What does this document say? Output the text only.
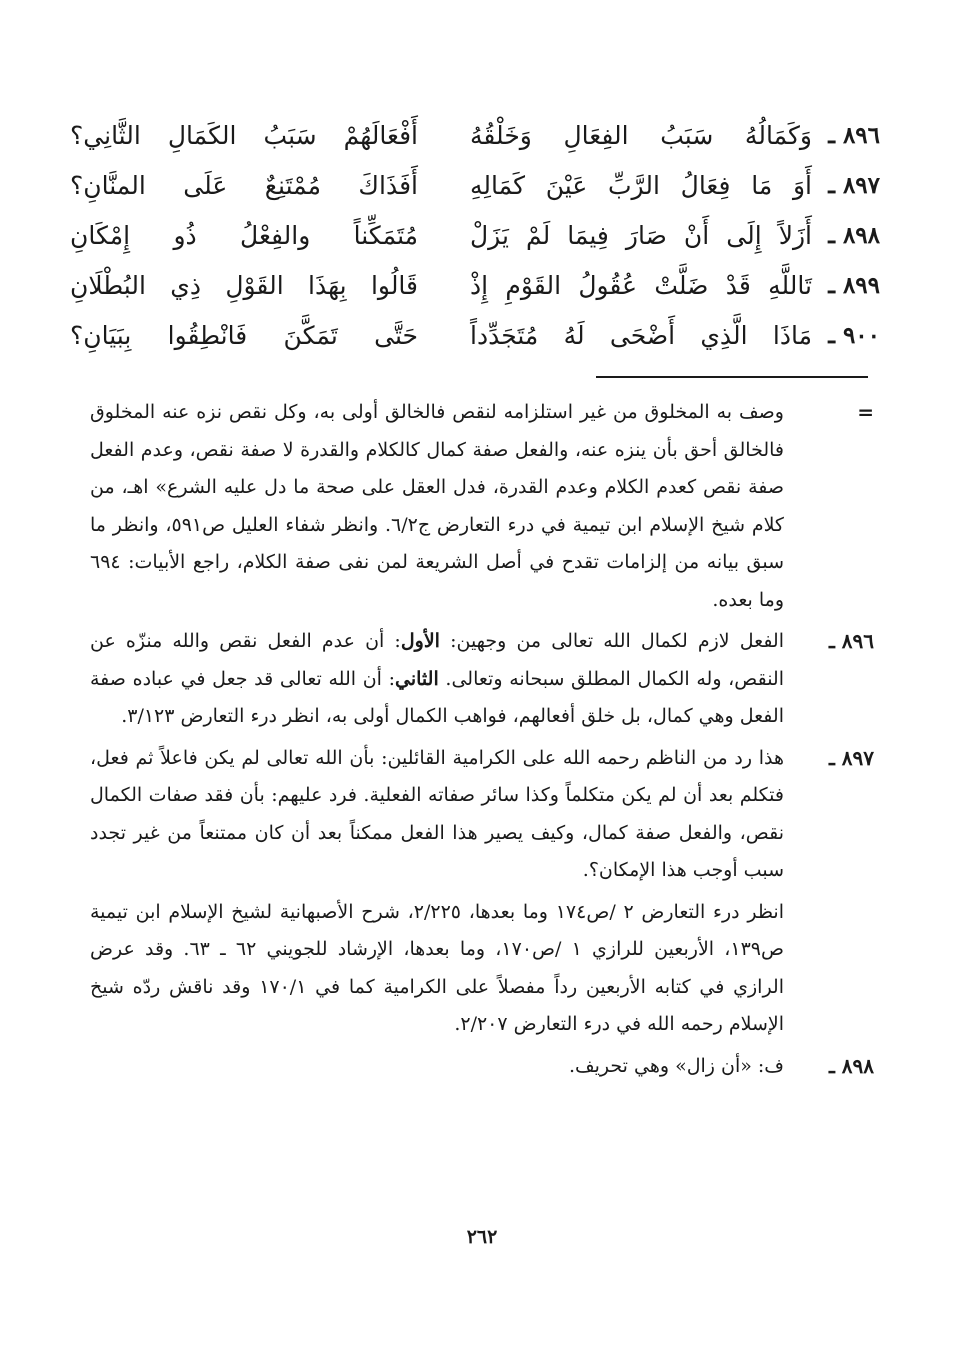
٨٩٦ ـ
وَكَمَالُهُ سَبَبُ الفِعَالِ وَخَلْقُهُ
أَفْعَالَهُمْ سَبَبُ الكَمَالِ الثَّانِي؟
٨٩٧ ـ
أَوَ مَا فِعَالُ الرَّبِّ عَيْنَ كَمَالِهِ
أَفَذَاكَ مُمْتَنِعٌ عَلَى المنَّانِ؟
٨٩٨ ـ
أَزَلاً إِلَى أَنْ صَارَ فِيمَا لَمْ يَزَلْ
مُتَمَكِّناً والفِعْلُ ذُو إِمْكَانِ
٨٩٩ ـ
تَاللَّهِ قَدْ ضَلَّتْ عُقُولُ القَوْمِ إِذْ
قَالُوا بِهَذَا القَوْلِ ذِي البُطْلَانِ
٩٠٠ ـ
مَاذَا الَّذِي أَضْحَى لَهُ مُتَجَدِّداً
حَتَّى تَمَكَّنَ فَانْطِقُوا بِبَيَانِ؟
=

وصف به المخلوق من غير استلزامه لنقص فالخالق أولى به، وكل نقص نزه عنه المخلوق فالخالق أحق بأن ينزه عنه، والفعل صفة كمال كالكلام والقدرة لا صفة نقص، وعدم الفعل صفة نقص كعدم الكلام وعدم القدرة، فدل العقل على صحة ما دل عليه الشرع» اهـ، من كلام شيخ الإسلام ابن تيمية في درء التعارض ج٦/٢. وانظر شفاء العليل ص٥٩١، وانظر ما سبق بيانه من إلزامات تقدح في أصل الشريعة لمن نفى صفة الكلام، راجع الأبيات: ٦٩٤ وما بعده.

٨٩٦ ـ

الفعل لازم لكمال الله تعالى من وجهين: الأول: أن عدم الفعل نقص والله منزّه عن النقص، وله الكمال المطلق سبحانه وتعالى. الثاني: أن الله تعالى قد جعل في عباده صفة الفعل وهي كمال، بل خلق أفعالهم، فواهب الكمال أولى به، انظر درء التعارض ٣/١٢٣.

٨٩٧ ـ

هذا رد من الناظم رحمه الله على الكرامية القائلين: بأن الله تعالى لم يكن فاعلاً ثم فعل، فتكلم بعد أن لم يكن متكلماً وكذا سائر صفاته الفعلية. فرد عليهم: بأن فقد صفات الكمال نقص، والفعل صفة كمال، وكيف يصير هذا الفعل ممكناً بعد أن كان ممتنعاً من غير تجدد سبب أوجب هذا الإمكان؟.

انظر درء التعارض ٢ /ص١٧٤ وما بعدها، ٢/٢٢٥، شرح الأصبهانية لشيخ الإسلام ابن تيمية ص١٣٩، الأربعين للرازي ١ /ص١٧٠، وما بعدها، الإرشاد للجويني ٦٢ ـ ٦٣. وقد عرض الرازي في كتابه الأربعين رداً مفصلاً على الكرامية كما في ١٧٠/١ وقد ناقش ردّه شيخ الإسلام رحمه الله في درء التعارض ٢/٢٠٧.

٨٩٨ ـ

ف: «أن زال» وهي تحريف.

٢٦٢
